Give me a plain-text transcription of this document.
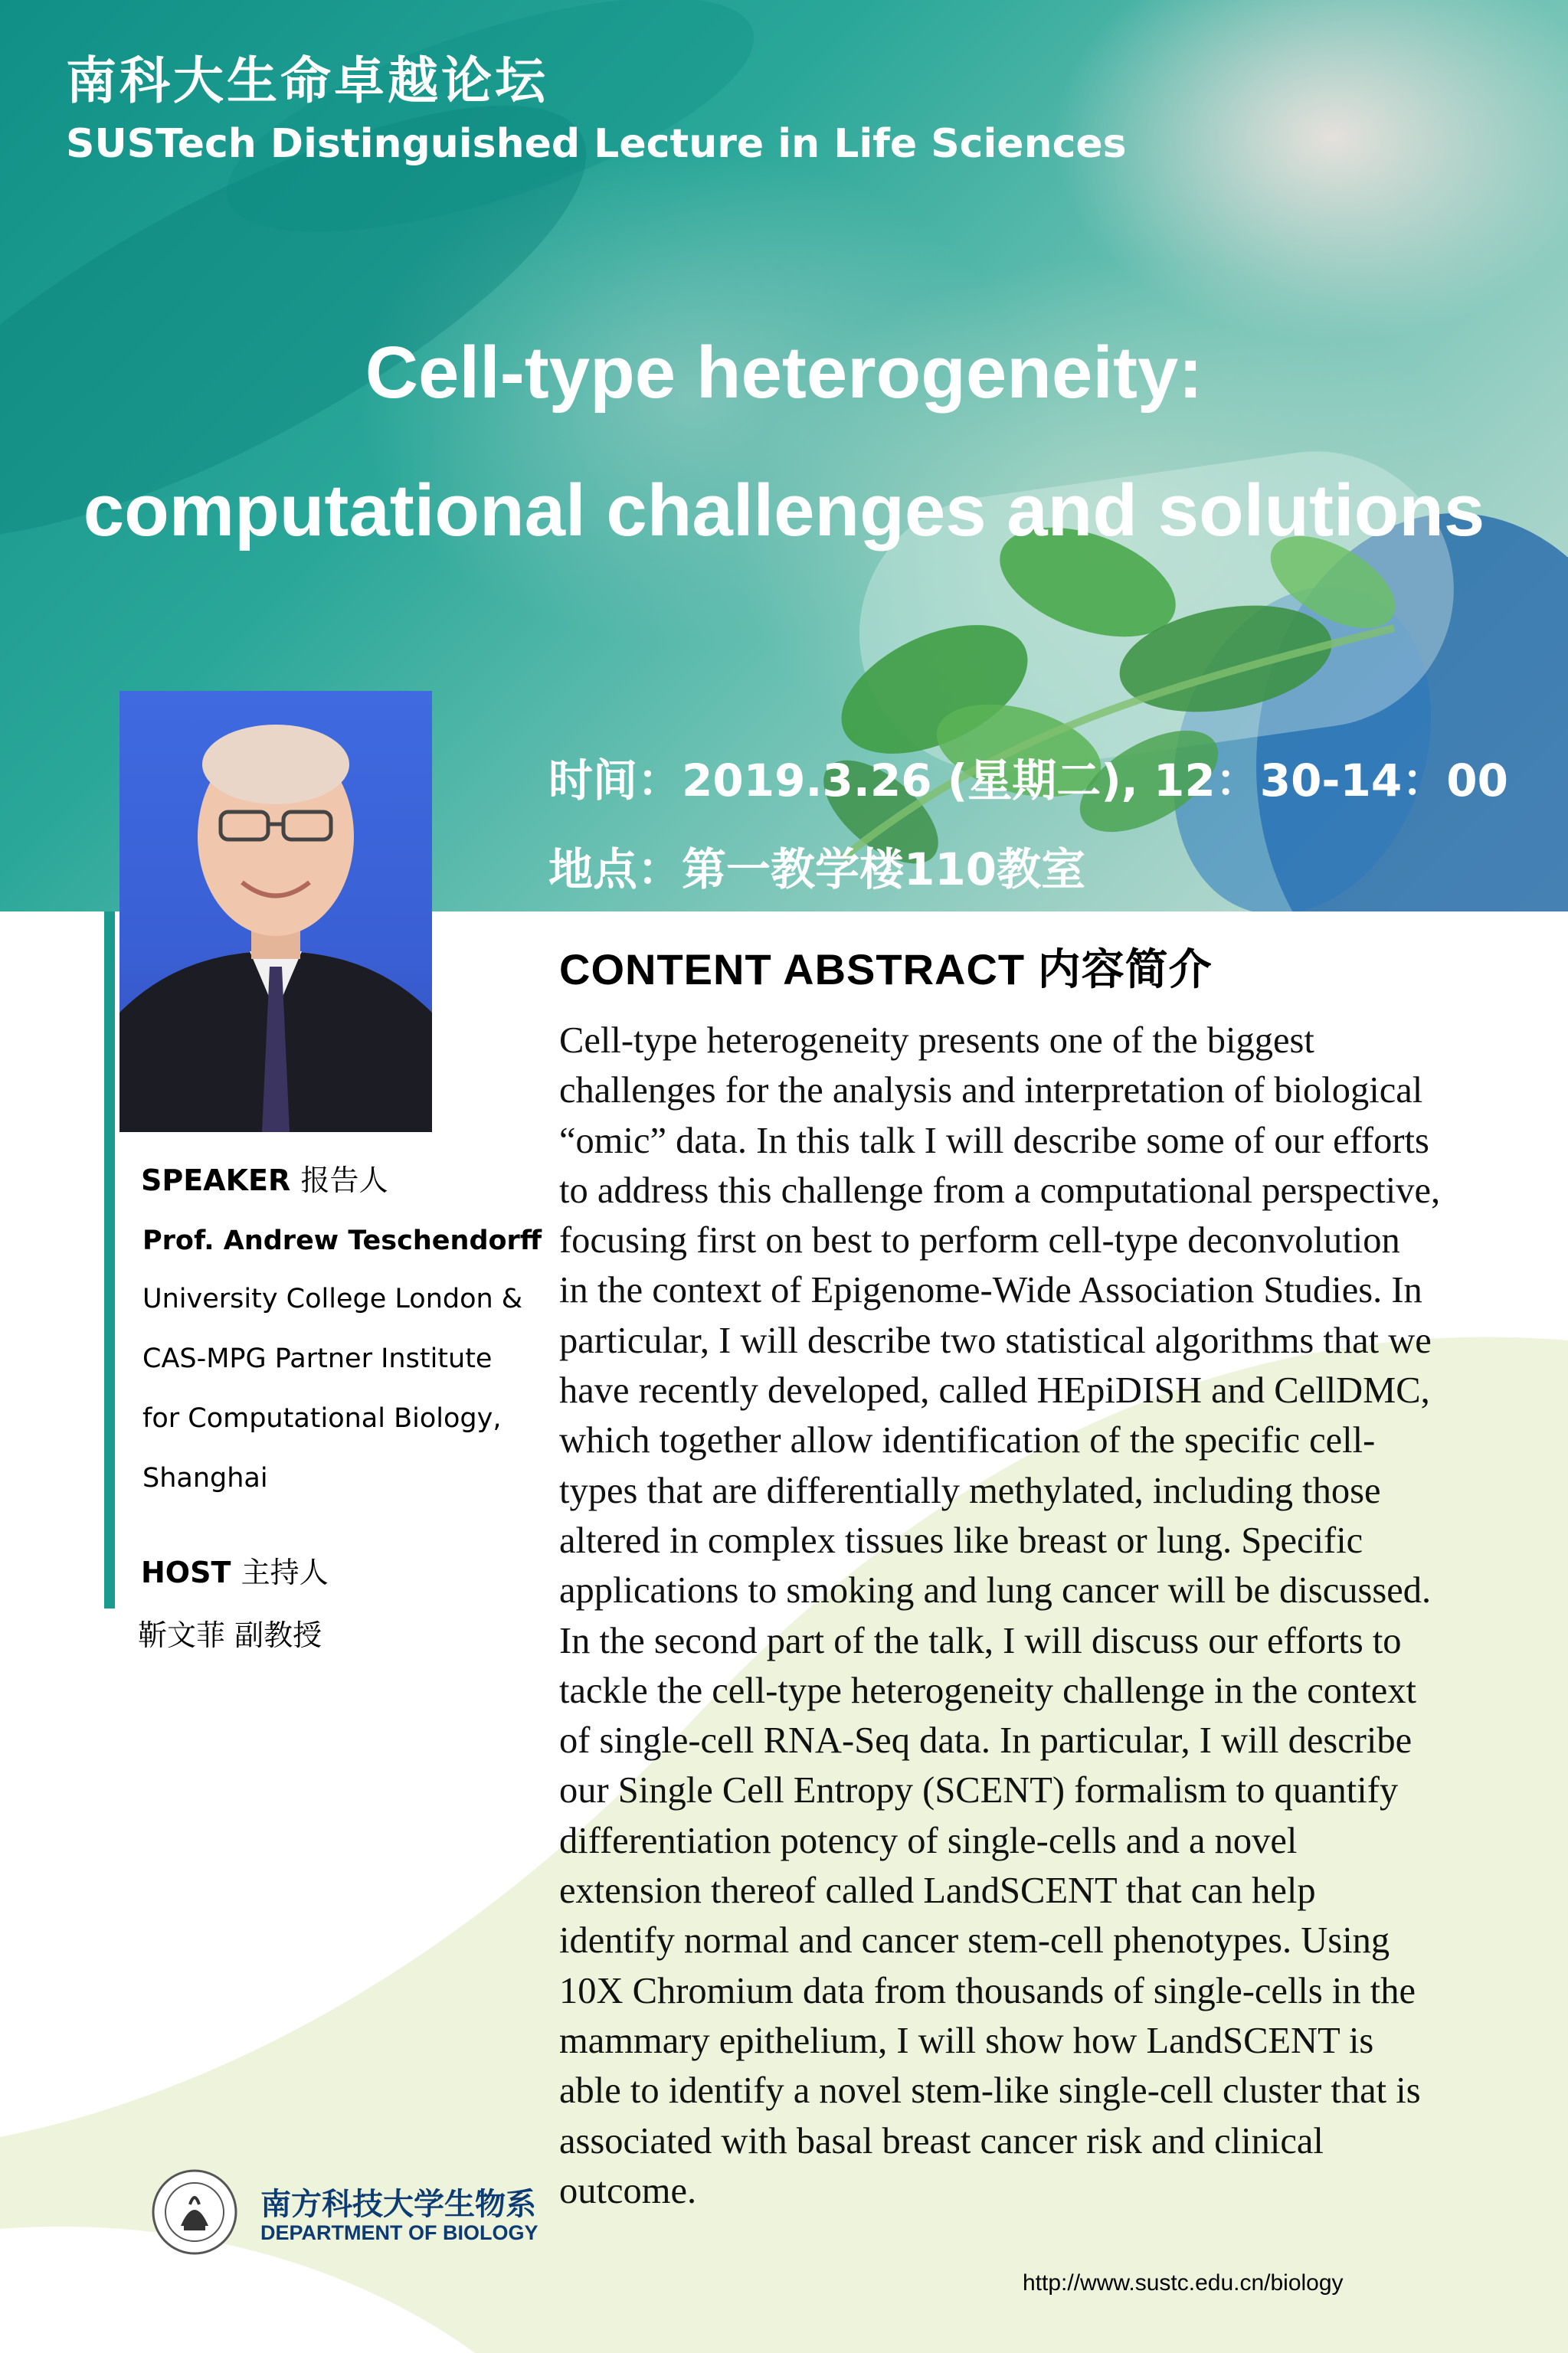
南科大生命卓越论坛
SUSTech Distinguished Lecture in Life Sciences
Cell-type heterogeneity:
computational challenges and solutions
时间：2019.3.26 (星期二), 12：30-14：00
地点：第一教学楼110教室
SPEAKER 报告人
Prof. Andrew Teschendorff
University College London &
CAS-MPG Partner Institute
for Computational Biology,
Shanghai
HOST 主持人
靳文菲 副教授
CONTENT ABSTRACT 内容简介
Cell-type heterogeneity presents one of the biggest
challenges for the analysis and interpretation of biological
“omic” data. In this talk I will describe some of our efforts
to address this challenge from a computational perspective,
focusing first on best to perform cell-type deconvolution
in the context of Epigenome-Wide Association Studies. In
particular, I will describe two statistical algorithms that we
have recently developed, called HEpiDISH and CellDMC,
which together allow identification of the specific cell-
types that are differentially methylated, including those
altered in complex tissues like breast or lung. Specific
applications to smoking and lung cancer will be discussed.
In the second part of the talk, I will discuss our efforts to
tackle the cell-type heterogeneity challenge in the context
of single-cell RNA-Seq data. In particular, I will describe
our Single Cell Entropy (SCENT) formalism to quantify
differentiation potency of single-cells and a novel
extension thereof called LandSCENT that can help
identify normal and cancer stem-cell phenotypes. Using
10X Chromium data from thousands of single-cells in the
mammary epithelium, I will show how LandSCENT is
able to identify a novel stem-like single-cell cluster that is
associated with basal breast cancer risk and clinical
outcome.
南方科技大学生物系
DEPARTMENT OF BIOLOGY
http://www.sustc.edu.cn/biology
